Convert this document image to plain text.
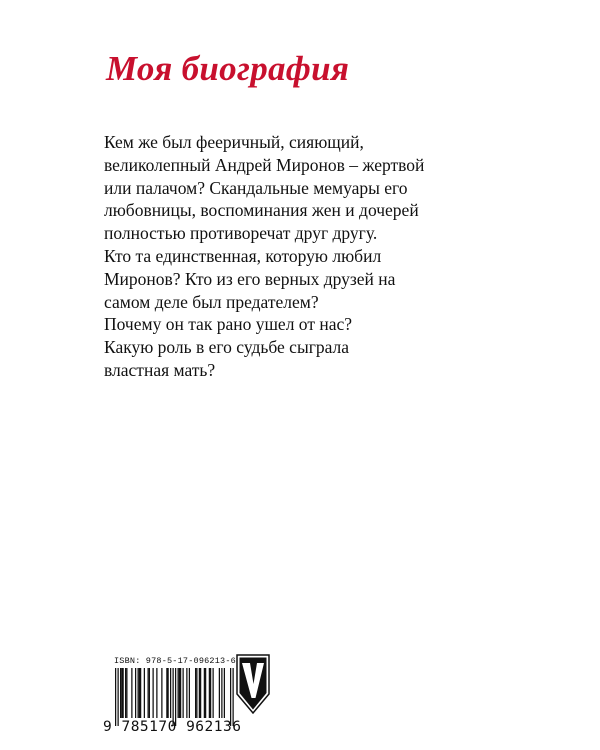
Моя биография
Кем же был фееричный, сияющий,
великолепный Андрей Миронов – жертвой
или палачом? Скандальные мемуары его
любовницы, воспоминания жен и дочерей
полностью противоречат друг другу.
Кто та единственная, которую любил
Миронов? Кто из его верных друзей на
самом деле был предателем?
Почему он так рано ушел от нас?
Какую роль в его судьбе сыграла
властная мать?
ISBN: 978-5-17-096213-6
9 785170 962136
